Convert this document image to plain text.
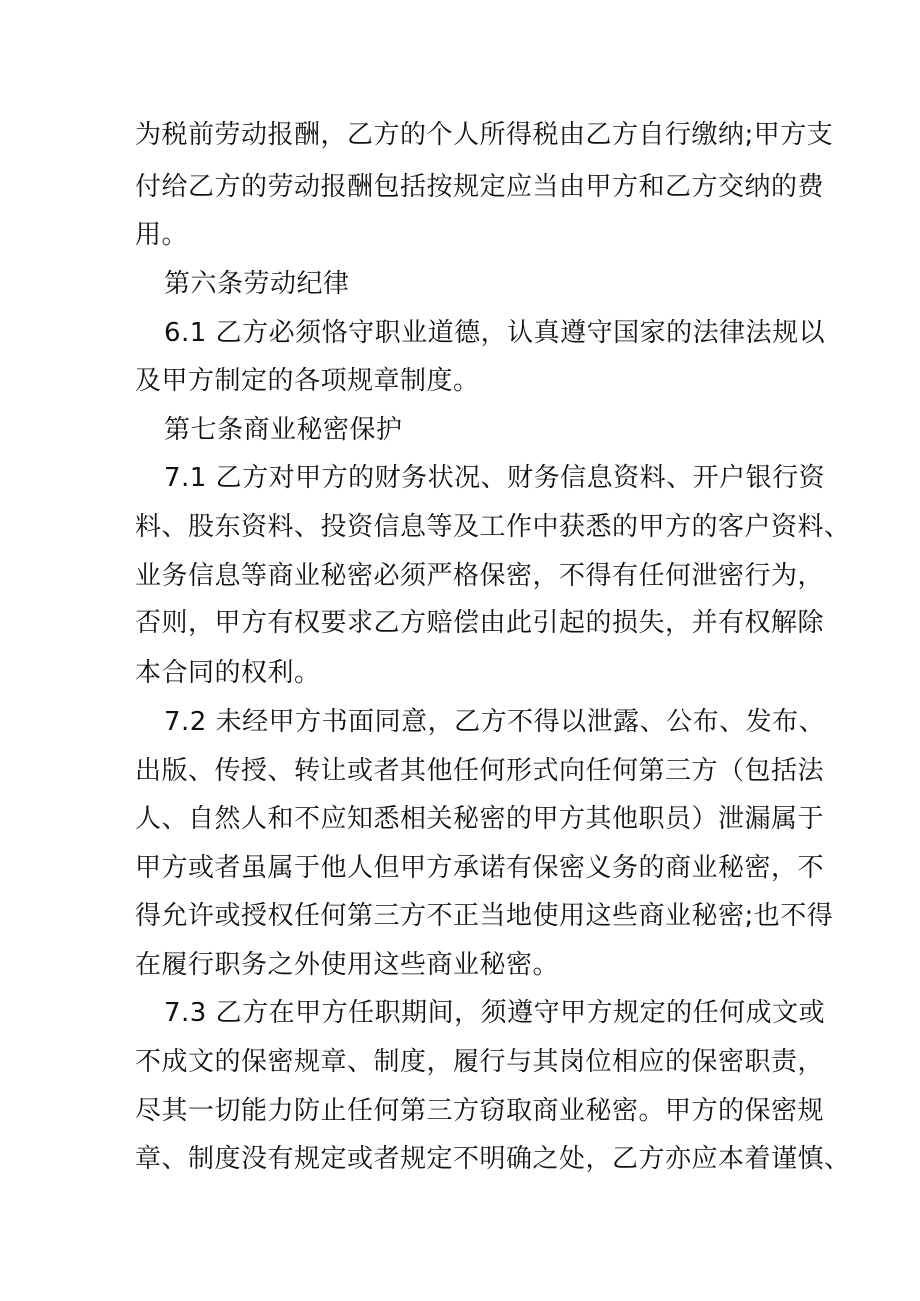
为税前劳动报酬，乙方的个人所得税由乙方自行缴纳;甲方支
付给乙方的劳动报酬包括按规定应当由甲方和乙方交纳的费
用。
第六条劳动纪律
6.1 乙方必须恪守职业道德，认真遵守国家的法律法规以
及甲方制定的各项规章制度。
第七条商业秘密保护
7.1 乙方对甲方的财务状况、财务信息资料、开户银行资
料、股东资料、投资信息等及工作中获悉的甲方的客户资料、
业务信息等商业秘密必须严格保密，不得有任何泄密行为，
否则，甲方有权要求乙方赔偿由此引起的损失，并有权解除
本合同的权利。
7.2 未经甲方书面同意，乙方不得以泄露、公布、发布、
出版、传授、转让或者其他任何形式向任何第三方（包括法
人、自然人和不应知悉相关秘密的甲方其他职员）泄漏属于
甲方或者虽属于他人但甲方承诺有保密义务的商业秘密，不
得允许或授权任何第三方不正当地使用这些商业秘密;也不得
在履行职务之外使用这些商业秘密。
7.3 乙方在甲方任职期间，须遵守甲方规定的任何成文或
不成文的保密规章、制度，履行与其岗位相应的保密职责，
尽其一切能力防止任何第三方窃取商业秘密。甲方的保密规
章、制度没有规定或者规定不明确之处，乙方亦应本着谨慎、
